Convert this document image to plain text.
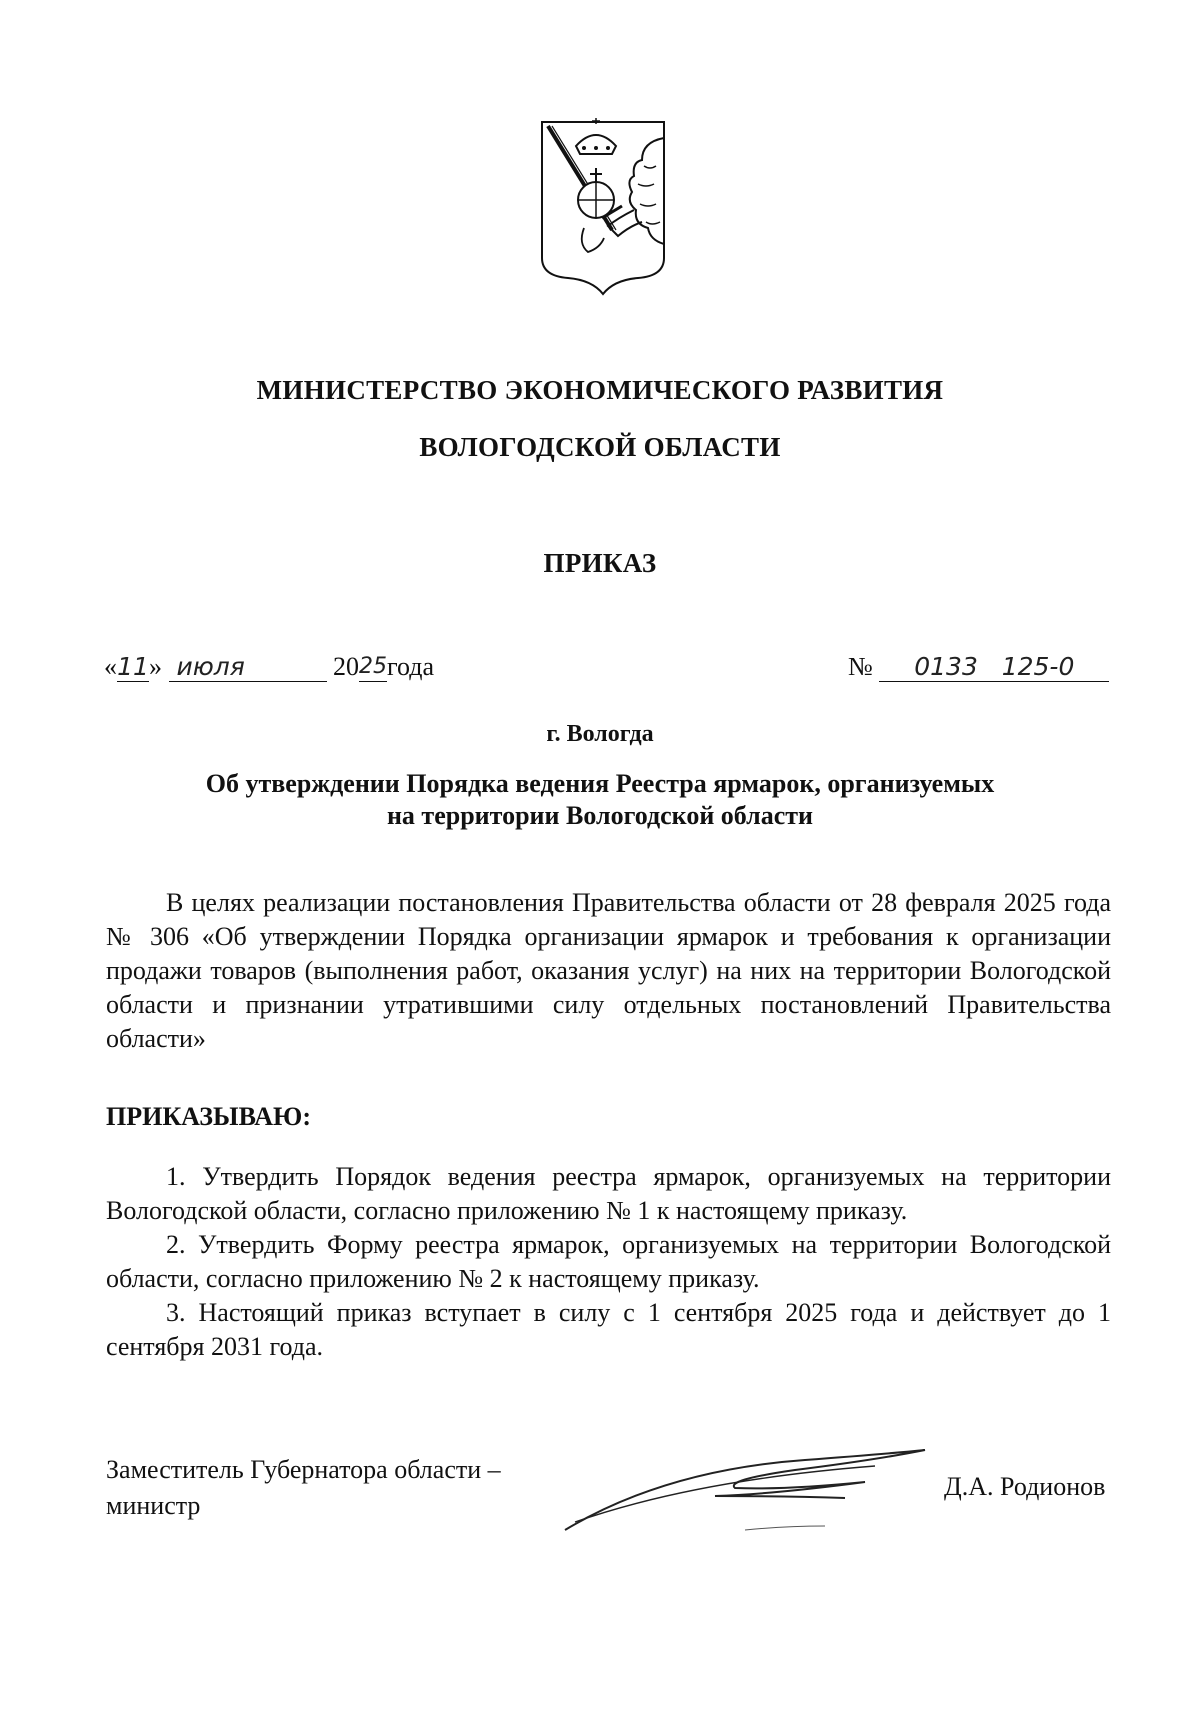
МИНИСТЕРСТВО ЭКОНОМИЧЕСКОГО РАЗВИТИЯ
ВОЛОГОДСКОЙ ОБЛАСТИ
ПРИКАЗ
«11» июля	2025года	№ 0133   125-0
г. Вологда
Об утверждении Порядка ведения Реестра ярмарок, организуемых
на территории Вологодской области
В целях реализации постановления Правительства области от 28 февраля 2025 года № 306 «Об утверждении Порядка организации ярмарок и требования к организации продажи товаров (выполнения работ, оказания услуг) на них на территории Вологодской области и признании утратившими силу отдельных постановлений Правительства области»
ПРИКАЗЫВАЮ:
1. Утвердить Порядок ведения реестра ярмарок, организуемых на территории Вологодской области, согласно приложению № 1 к настоящему приказу.
2. Утвердить Форму реестра ярмарок, организуемых на территории Вологодской области, согласно приложению № 2 к настоящему приказу.
3. Настоящий приказ вступает в силу с 1 сентября 2025 года и действует до 1 сентября 2031 года.
Заместитель Губернатора области –
министр
Д.А. Родионов
